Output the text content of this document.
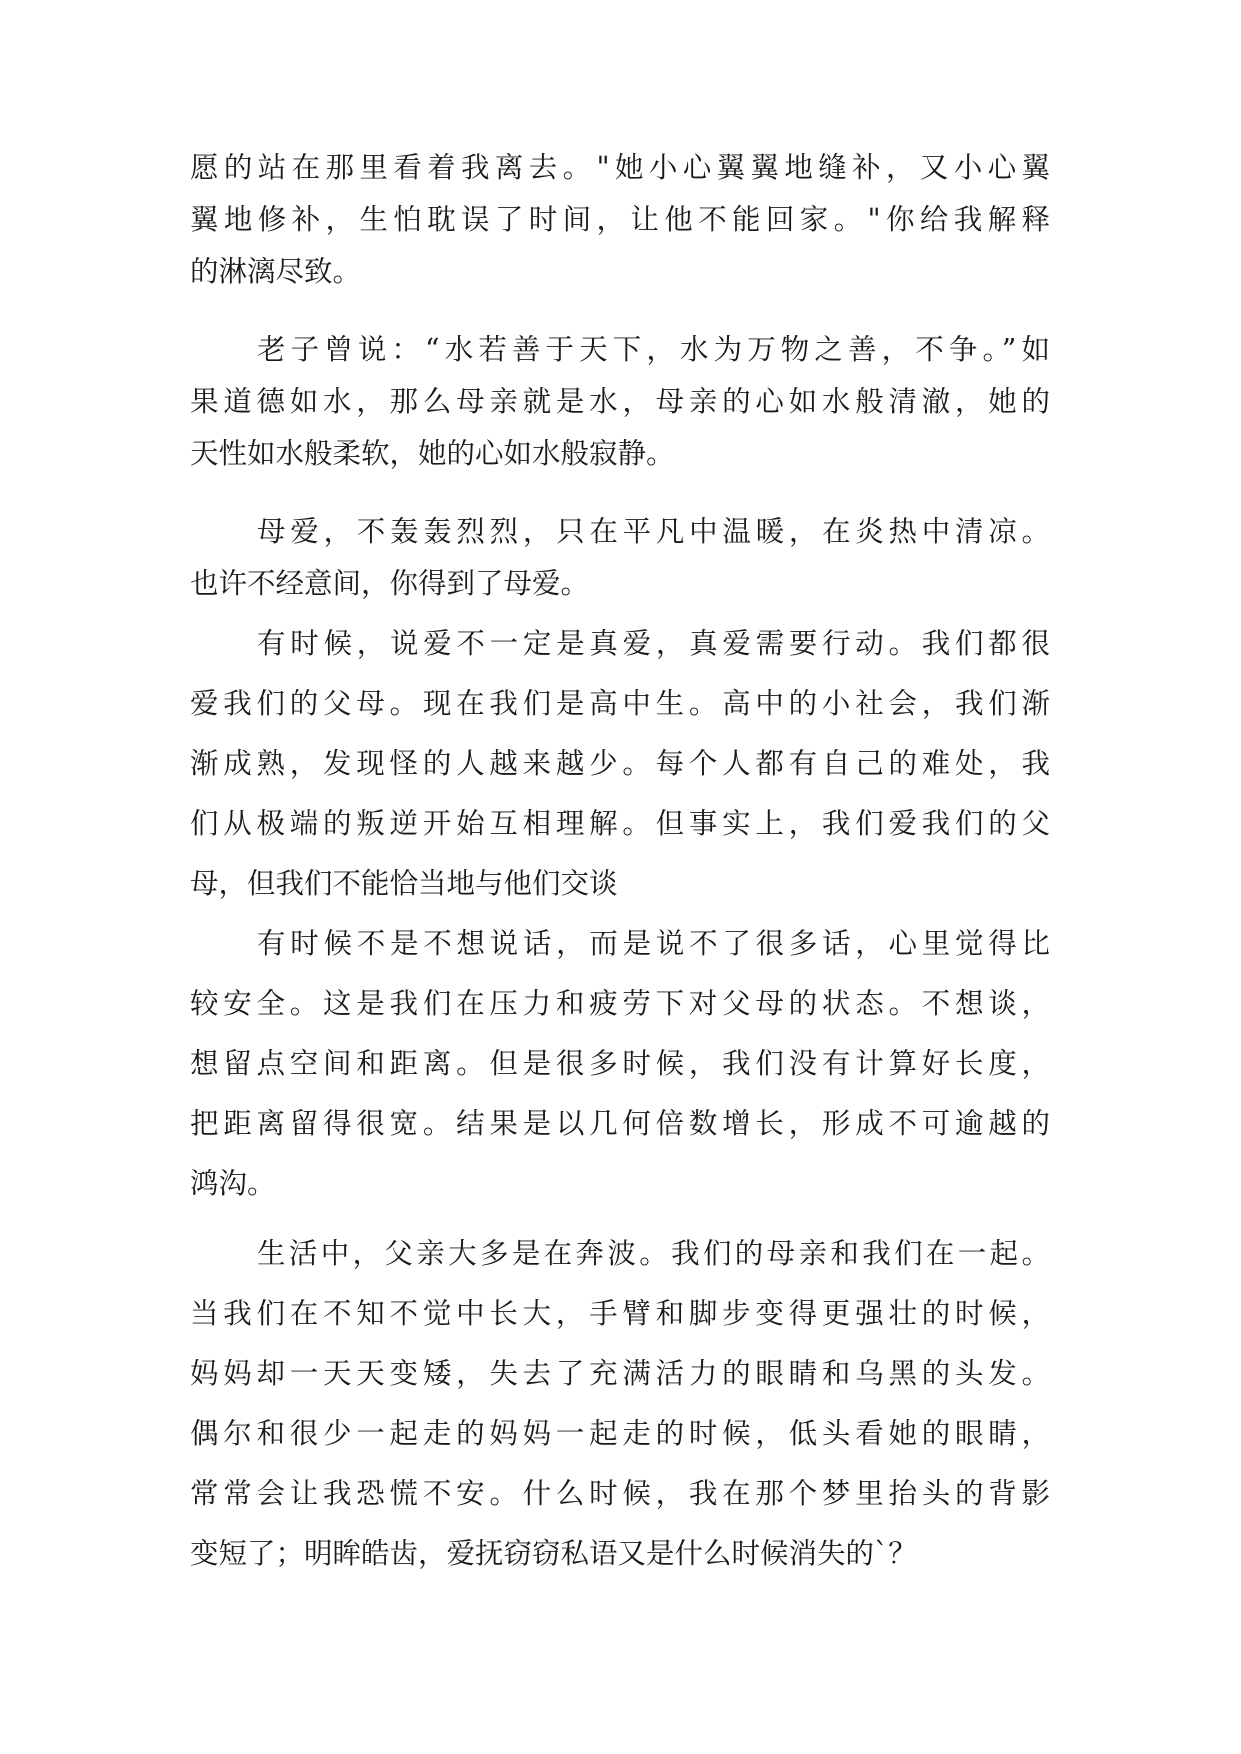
愿的站在那里看着我离去。"她小心翼翼地缝补，又小心翼
翼地修补，生怕耽误了时间，让他不能回家。"你给我解释
的淋漓尽致。
老子曾说：“水若善于天下，水为万物之善，不争。”如
果道德如水，那么母亲就是水，母亲的心如水般清澈，她的
天性如水般柔软，她的心如水般寂静。
母爱，不轰轰烈烈，只在平凡中温暖，在炎热中清凉。
也许不经意间，你得到了母爱。
有时候，说爱不一定是真爱，真爱需要行动。我们都很
爱我们的父母。现在我们是高中生。高中的小社会，我们渐
渐成熟，发现怪的人越来越少。每个人都有自己的难处，我
们从极端的叛逆开始互相理解。但事实上，我们爱我们的父
母，但我们不能恰当地与他们交谈
有时候不是不想说话，而是说不了很多话，心里觉得比
较安全。这是我们在压力和疲劳下对父母的状态。不想谈，
想留点空间和距离。但是很多时候，我们没有计算好长度，
把距离留得很宽。结果是以几何倍数增长，形成不可逾越的
鸿沟。
生活中，父亲大多是在奔波。我们的母亲和我们在一起。
当我们在不知不觉中长大，手臂和脚步变得更强壮的时候，
妈妈却一天天变矮，失去了充满活力的眼睛和乌黑的头发。
偶尔和很少一起走的妈妈一起走的时候，低头看她的眼睛，
常常会让我恐慌不安。什么时候，我在那个梦里抬头的背影
变短了；明眸皓齿，爱抚窃窃私语又是什么时候消失的`？
